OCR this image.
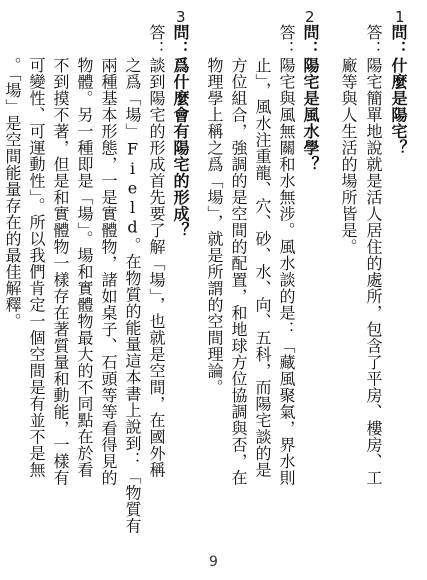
1
問：什麼是陽宅？
答：陽宅簡單地說就是活人居住的處所，包含了平房、樓房、工
　　廠等與人生活的場所皆是。
2
問：陽宅是風水學？
答：陽宅與風無關和水無涉。風水談的是：「藏風聚氣，界水則
　　止」，風水注重龍、穴、砂、水、向、五科，而陽宅談的是
　　方位組合，強調的是空間的配置，和地球方位協調與否，在
　　物理學上稱之爲「場」，就是所謂的空間理論。
3
問：爲什麼會有陽宅的形成？
答：談到陽宅的形成首先要了解「場」，也就是空間，在國外稱
　　之爲「場」Field。在物質的能量這本書上說到：「物質有
　　兩種基本形態，一是實體物，諸如桌子、石頭等等看得見的
　　物體。另一種即是「場」。場和實體物最大的不同點在於看
　　不到摸不著，但是和實體物一樣存在著質量和動能，一樣有
　　可變性、可運動性」。所以我們肯定一個空間是有並不是無
　　。「場」是空間能量存在的最佳解釋。
9
